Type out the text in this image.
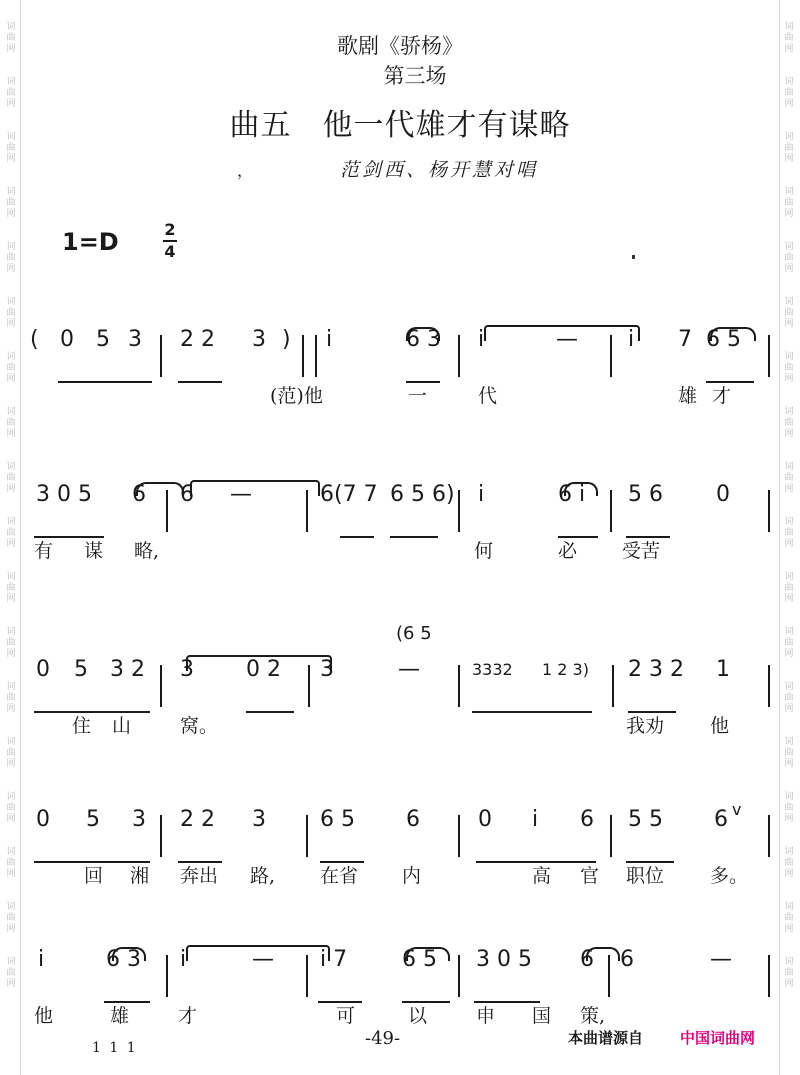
词
曲
网
词
曲
网
词
曲
网
词
曲
网
词
曲
网
词
曲
网
词
曲
网
词
曲
网
词
曲
网
词
曲
网
词
曲
网
词
曲
网
词
曲
网
词
曲
网
词
曲
网
词
曲
网
词
曲
网
词
曲
网
词
曲
网
词
曲
网
词
曲
网
词
曲
网
词
曲
网
词
曲
网
词
曲
网
词
曲
网
词
曲
网
词
曲
网
词
曲
网
词
曲
网
词
曲
网
词
曲
网
词
曲
网
词
曲
网
词
曲
网
词
曲
网
歌剧《骄杨》
第三场
曲五　他一代雄才有谋略
，	范剑西、杨开慧对唱
1=D	2
4
( 0 5 3 2 2 3 ) i	6 3 i	— i 7 6 5
(范)他	一	代	雄 才
3 0 5 6 6 —	6(7 7 6 5 6) i	6 i 5 6 0
有 谋 略,	何	必 受苦
0 5 3 2 3 0 2 3	—
(6 5
3332 1 2 3) 2 3 2 1
住 山	窝。	我劝 他
0 5 3 2 2 3 6 5 6	0 i 6 5 5 6 v
回 湘 奔出 路, 在省 内	高 官 职位 多。
i	6 3 i	— i 7 6 5 3 0 5 6 6	—
他	雄	才	可	以	申 国 策,
1 1 1	-49-	本曲谱源自 中国词曲网
